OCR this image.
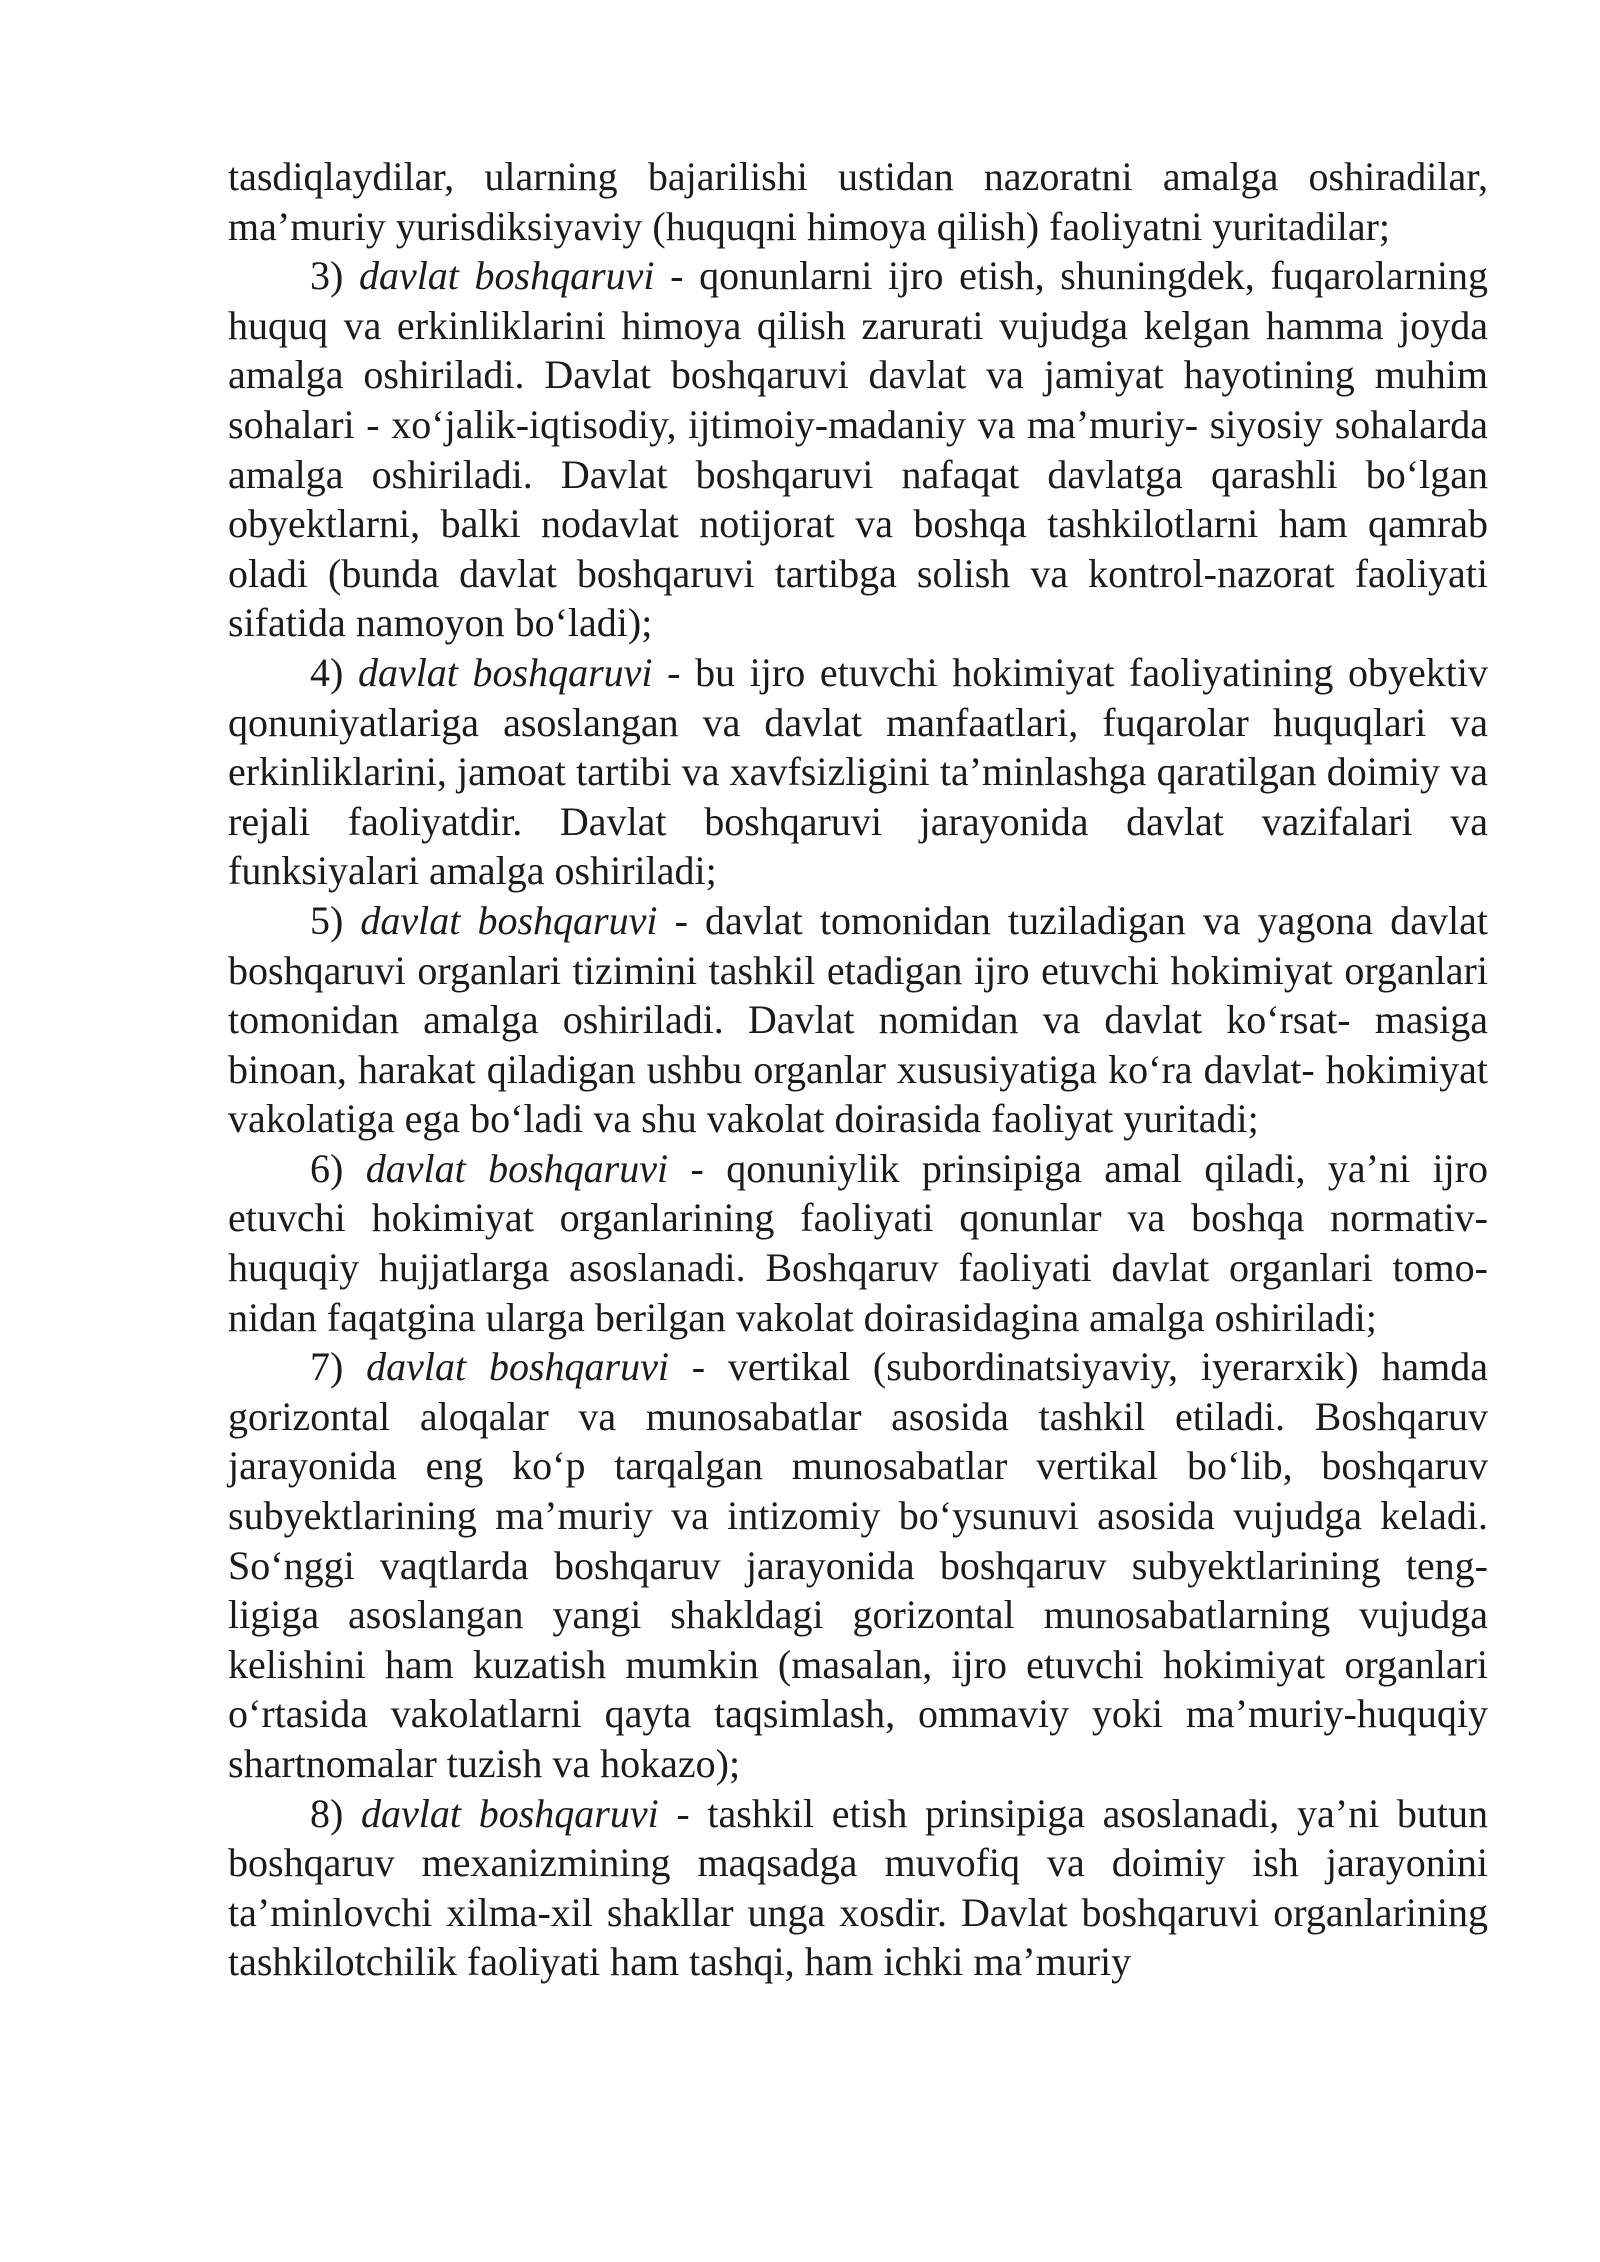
tasdiqlaydilar, ularning bajarilishi ustidan nazoratni amalga oshiradilar, ma’muriy yurisdiksiyaviy (huquqni himoya qilish) faoliyatni yuritadilar;

3) davlat boshqaruvi - qonunlarni ijro etish, shuningdek, fuqarolarning huquq va erkinliklarini himoya qilish zarurati vujudga kelgan hamma joyda amalga oshiriladi. Davlat boshqaruvi davlat va jamiyat hayotining muhim sohalari - xo‘jalik-iqtisodiy, ijtimoiy-madaniy va ma’muriy- siyosiy sohalarda amalga oshiriladi. Davlat boshqaruvi nafaqat davlatga qarashli bo‘lgan obyektlarni, balki nodavlat notijorat va boshqa tashkilotlarni ham qamrab oladi (bunda davlat boshqaruvi tartibga solish va kontrol-nazorat faoliyati sifatida namoyon bo‘ladi);

4) davlat boshqaruvi - bu ijro etuvchi hokimiyat faoliyatining obyektiv qonuniyatlariga asoslangan va davlat manfaatlari, fuqarolar huquqlari va erkinliklarini, jamoat tartibi va xavfsizligini ta’minlashga qaratilgan doimiy va rejali faoliyatdir. Davlat boshqaruvi jarayonida davlat vazifalari va funksiyalari amalga oshiriladi;

5) davlat boshqaruvi - davlat tomonidan tuziladigan va yagona davlat boshqaruvi organlari tizimini tashkil etadigan ijro etuvchi hokimiyat organlari tomonidan amalga oshiriladi. Davlat nomidan va davlat ko‘rsat- masiga binoan, harakat qiladigan ushbu organlar xususiyatiga ko‘ra davlat- hokimiyat vakolatiga ega bo‘ladi va shu vakolat doirasida faoliyat yuritadi;

6) davlat boshqaruvi - qonuniylik prinsipiga amal qiladi, ya’ni ijro etuvchi hokimiyat organlarining faoliyati qonunlar va boshqa normativ-huquqiy hujjatlarga asoslanadi. Boshqaruv faoliyati davlat organlari tomo- nidan faqatgina ularga berilgan vakolat doirasidagina amalga oshiriladi;

7) davlat boshqaruvi - vertikal (subordinatsiyaviy, iyerarxik) hamda gorizontal aloqalar va munosabatlar asosida tashkil etiladi. Boshqaruv jarayonida eng ko‘p tarqalgan munosabatlar vertikal bo‘lib, boshqaruv subyektlarining ma’muriy va intizomiy bo‘ysunuvi asosida vujudga keladi. So‘nggi vaqtlarda boshqaruv jarayonida boshqaruv subyektlarining teng- ligiga asoslangan yangi shakldagi gorizontal munosabatlarning vujudga kelishini ham kuzatish mumkin (masalan, ijro etuvchi hokimiyat organlari o‘rtasida vakolatlarni qayta taqsimlash, ommaviy yoki ma’muriy-huquqiy shartnomalar tuzish va hokazo);

8) davlat boshqaruvi - tashkil etish prinsipiga asoslanadi, ya’ni butun boshqaruv mexanizmining maqsadga muvofiq va doimiy ish jarayonini ta’minlovchi xilma-xil shakllar unga xosdir. Davlat boshqaruvi organlarining tashkilotchilik faoliyati ham tashqi, ham ichki ma’muriy
